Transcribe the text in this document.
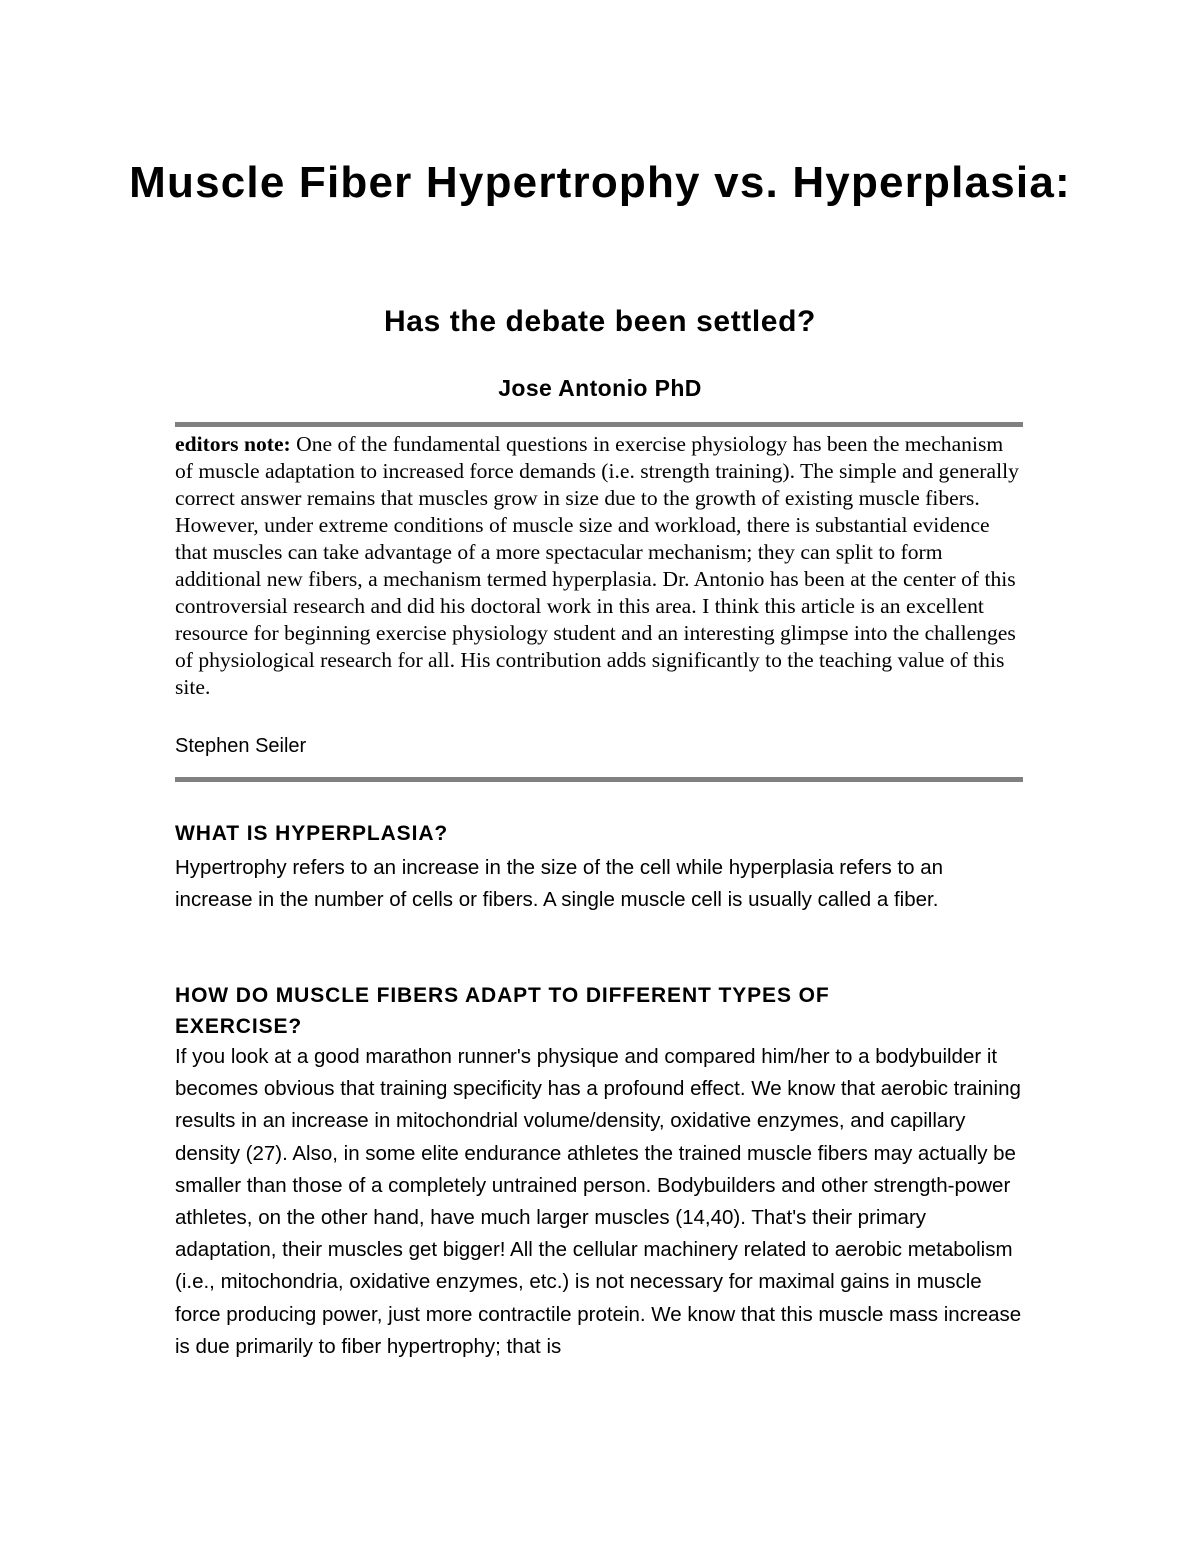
Muscle Fiber Hypertrophy vs. Hyperplasia:
Has the debate been settled?

Jose Antonio PhD

editors note: One of the fundamental questions in exercise physiology has been the mechanism of muscle adaptation to increased force demands (i.e. strength training). The simple and generally correct answer remains that muscles grow in size due to the growth of existing muscle fibers. However, under extreme conditions of muscle size and workload, there is substantial evidence that muscles can take advantage of a more spectacular mechanism; they can split to form additional new fibers, a mechanism termed hyperplasia. Dr. Antonio has been at the center of this controversial research and did his doctoral work in this area. I think this article is an excellent resource for beginning exercise physiology student and an interesting glimpse into the challenges of physiological research for all. His contribution adds significantly to the teaching value of this site.

Stephen Seiler

WHAT IS HYPERPLASIA?

Hypertrophy refers to an increase in the size of the cell while hyperplasia refers to an increase in the number of cells or fibers. A single muscle cell is usually called a fiber.

HOW DO MUSCLE FIBERS ADAPT TO DIFFERENT TYPES OF EXERCISE?

If you look at a good marathon runner's physique and compared him/her to a bodybuilder it becomes obvious that training specificity has a profound effect. We know that aerobic training results in an increase in mitochondrial volume/density, oxidative enzymes, and capillary density (27). Also, in some elite endurance athletes the trained muscle fibers may actually be smaller than those of a completely untrained person. Bodybuilders and other strength-power athletes, on the other hand, have much larger muscles (14,40). That's their primary adaptation, their muscles get bigger! All the cellular machinery related to aerobic metabolism (i.e., mitochondria, oxidative enzymes, etc.) is not necessary for maximal gains in muscle force producing power, just more contractile protein. We know that this muscle mass increase is due primarily to fiber hypertrophy; that is
